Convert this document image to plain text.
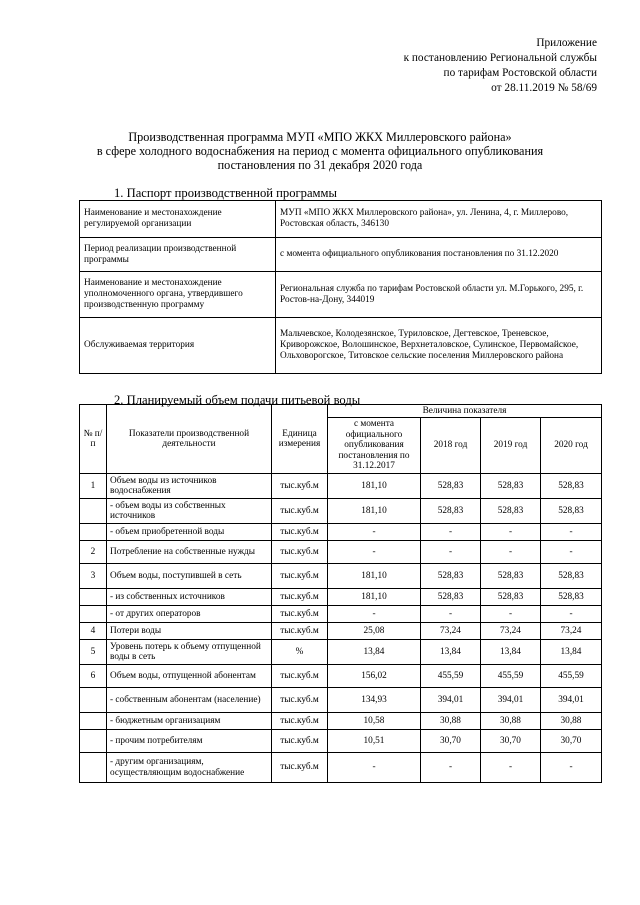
Приложение
к постановлению Региональной службы
по тарифам Ростовской области
от 28.11.2019 № 58/69
Производственная программа МУП «МПО ЖКХ Миллеровского района»
в сфере холодного водоснабжения на период с момента официального опубликования
постановления по 31 декабря 2020 года
1. Паспорт производственной программы
Наименование и местонахождение регулируемой организации	МУП «МПО ЖКХ Миллеровского района», ул. Ленина, 4, г. Миллерово, Ростовская область, 346130
Период реализации производственной программы	с момента официального опубликования постановления по 31.12.2020
Наименование и местонахождение уполномоченного органа, утвердившего производственную программу	Региональная служба по тарифам Ростовской области ул. М.Горького, 295, г. Ростов-на-Дону, 344019
Обслуживаемая территория	Мальчевское, Колодезянское, Туриловское, Дегтевское, Треневское, Криворожское, Волошинское, Верхнеталовское, Сулинское, Первомайское, Ольховорогское, Титовское сельские поселения Миллеровского района
2. Планируемый объем подачи питьевой воды
№ п/п	Показатели производственной деятельности	Единица измерения	Величина показателя			
			с момента официального опубликования постановления по 31.12.2017	2018 год	2019 год	2020 год
1	Объем воды из источников водоснабжения	тыс.куб.м	181,10	528,83	528,83	528,83
	- объем воды из собственных источников	тыс.куб.м	181,10	528,83	528,83	528,83
	- объем приобретенной воды	тыс.куб.м	-	-	-	-
2	Потребление на собственные нужды	тыс.куб.м	-	-	-	-
3	Объем воды, поступившей в сеть	тыс.куб.м	181,10	528,83	528,83	528,83
	- из собственных источников	тыс.куб.м	181,10	528,83	528,83	528,83
	- от других операторов	тыс.куб.м	-	-	-	-
4	Потери воды	тыс.куб.м	25,08	73,24	73,24	73,24
5	Уровень потерь к объему отпущенной воды в сеть	%	13,84	13,84	13,84	13,84
6	Объем воды, отпущенной абонентам	тыс.куб.м	156,02	455,59	455,59	455,59
	- собственным абонентам (население)	тыс.куб.м	134,93	394,01	394,01	394,01
	- бюджетным организациям	тыс.куб.м	10,58	30,88	30,88	30,88
	- прочим потребителям	тыс.куб.м	10,51	30,70	30,70	30,70
	- другим организациям, осуществляющим водоснабжение	тыс.куб.м	-	-	-	-
